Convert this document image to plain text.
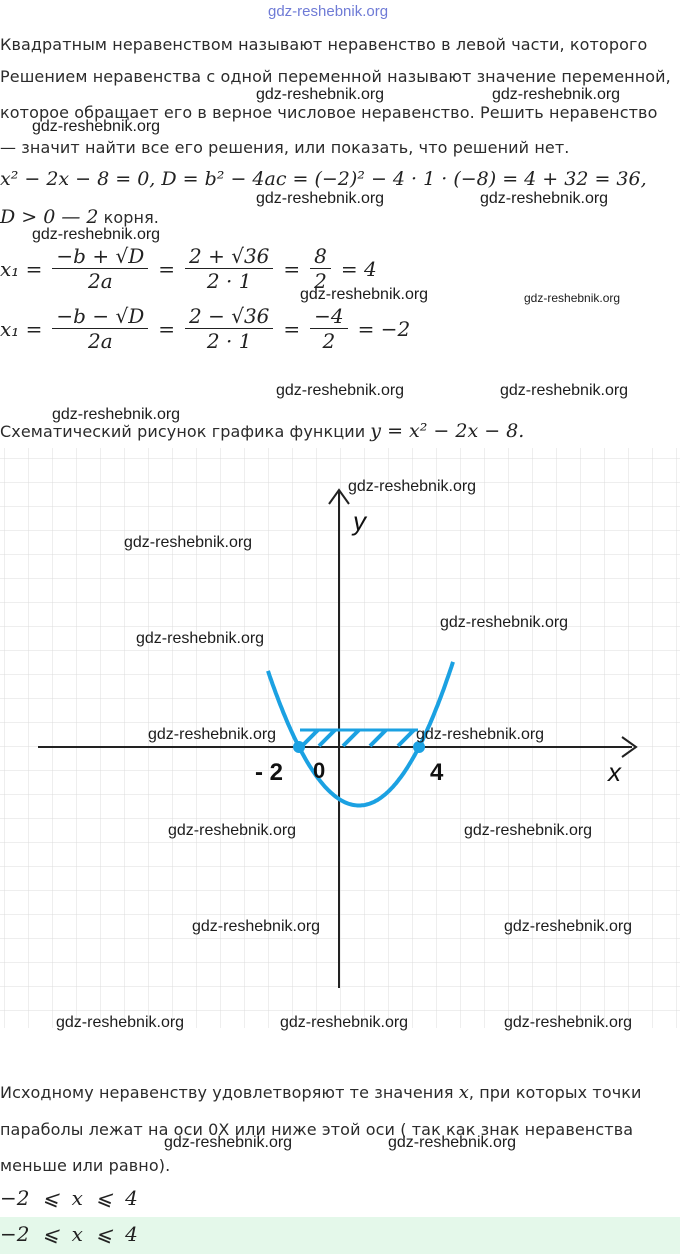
gdz-reshebnik.org
Квадратным неравенством называют неравенство в левой части, которого
Решением неравенства с одной переменной называют значение переменной,
которое обращает его в верное числовое неравенство. Решить неравенство
— значит найти все его решения, или показать, что решений нет.
x² − 2x − 8 = 0, D = b² − 4ac = (−2)² − 4 · 1 · (−8) = 4 + 32 = 36,
D > 0 — 2 корня.
$x_1 = \frac{-b + √D}{2a} = \frac{2 + √36}{2 \cdot 1} = \frac{8}{2} = 4$
$x_1 = \frac{-b - √D}{2a} = \frac{2 - √36}{2 \cdot 1} = \frac{-4}{2} = -2$
Схематический рисунок графика функции y = x² − 2x − 8.
y
x
- 2 0	4
Исходному неравенству удовлетворяют те значения x, при которых точки
параболы лежат на оси 0X или ниже этой оси ( так как знак неравенства
меньше или равно).
−2  ⩽  x  ⩽  4
−2  ⩽  x  ⩽  4
gdz-reshebnik.org	gdz-reshebnik.org
gdz-reshebnik.org
gdz-reshebnik.org	gdz-reshebnik.org
gdz-reshebnik.org
gdz-reshebnik.org	gdz-reshebnik.org
gdz-reshebnik.org	gdz-reshebnik.org
gdz-reshebnik.org
gdz-reshebnik.org
gdz-reshebnik.org
gdz-reshebnik.org
gdz-reshebnik.org
gdz-reshebnik.org	gdz-reshebnik.org
gdz-reshebnik.org	gdz-reshebnik.org
gdz-reshebnik.org	gdz-reshebnik.org
gdz-reshebnik.org	gdz-reshebnik.org	gdz-reshebnik.org
gdz-reshebnik.org	gdz-reshebnik.org
